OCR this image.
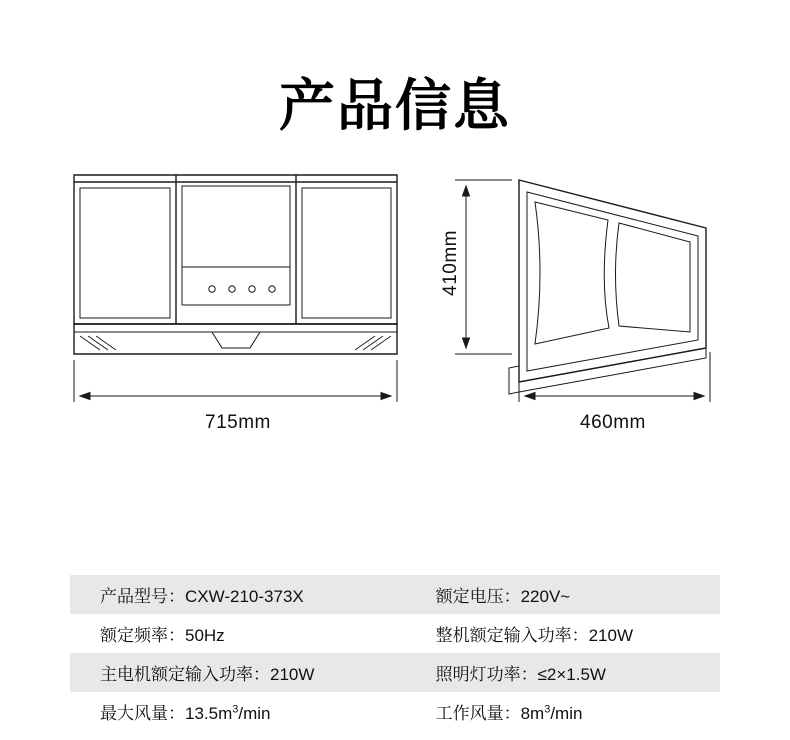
产品信息
715mm
410mm
460mm
产品型号：CXW-210-373X	额定电压：220V~
额定频率：50Hz	整机额定输入功率：210W
主电机额定输入功率：210W	照明灯功率：≤2×1.5W
最大风量：$13.5m^3/\min$	工作风量：$8m^3/\min$
